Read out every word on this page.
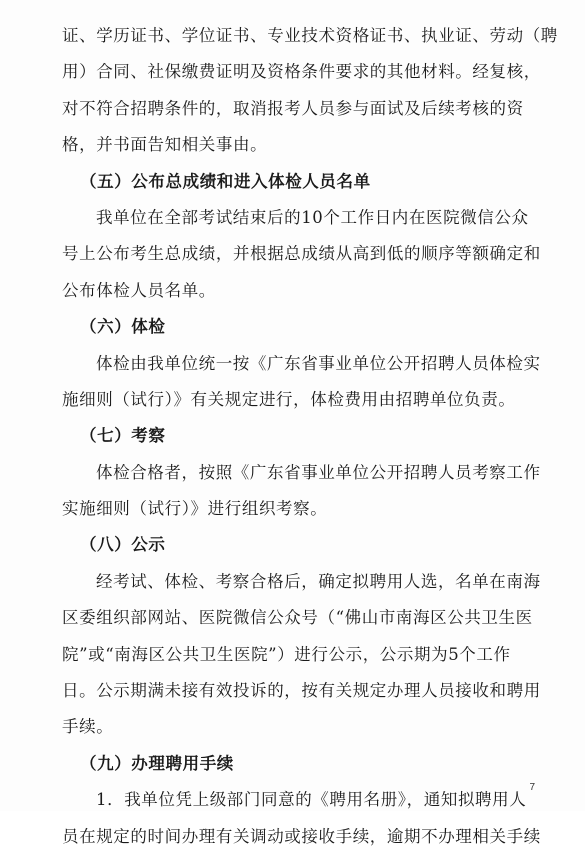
证、学历证书、学位证书、专业技术资格证书、执业证、劳动（聘
用）合同、社保缴费证明及资格条件要求的其他材料。经复核，
对不符合招聘条件的，取消报考人员参与面试及后续考核的资
格，并书面告知相关事由。
（五）公布总成绩和进入体检人员名单
我单位在全部考试结束后的10个工作日内在医院微信公众
号上公布考生总成绩，并根据总成绩从高到低的顺序等额确定和
公布体检人员名单。
（六）体检
体检由我单位统一按《广东省事业单位公开招聘人员体检实
施细则（试行）》有关规定进行，体检费用由招聘单位负责。
（七）考察
体检合格者，按照《广东省事业单位公开招聘人员考察工作
实施细则（试行）》进行组织考察。
（八）公示
经考试、体检、考察合格后，确定拟聘用人选，名单在南海
区委组织部网站、医院微信公众号（“佛山市南海区公共卫生医
院”或“南海区公共卫生医院”）进行公示，公示期为5个工作
日。公示期满未接有效投诉的，按有关规定办理人员接收和聘用
手续。
（九）办理聘用手续
1．我单位凭上级部门同意的《聘用名册》，通知拟聘用人
员在规定的时间办理有关调动或接收手续，逾期不办理相关手续
7
